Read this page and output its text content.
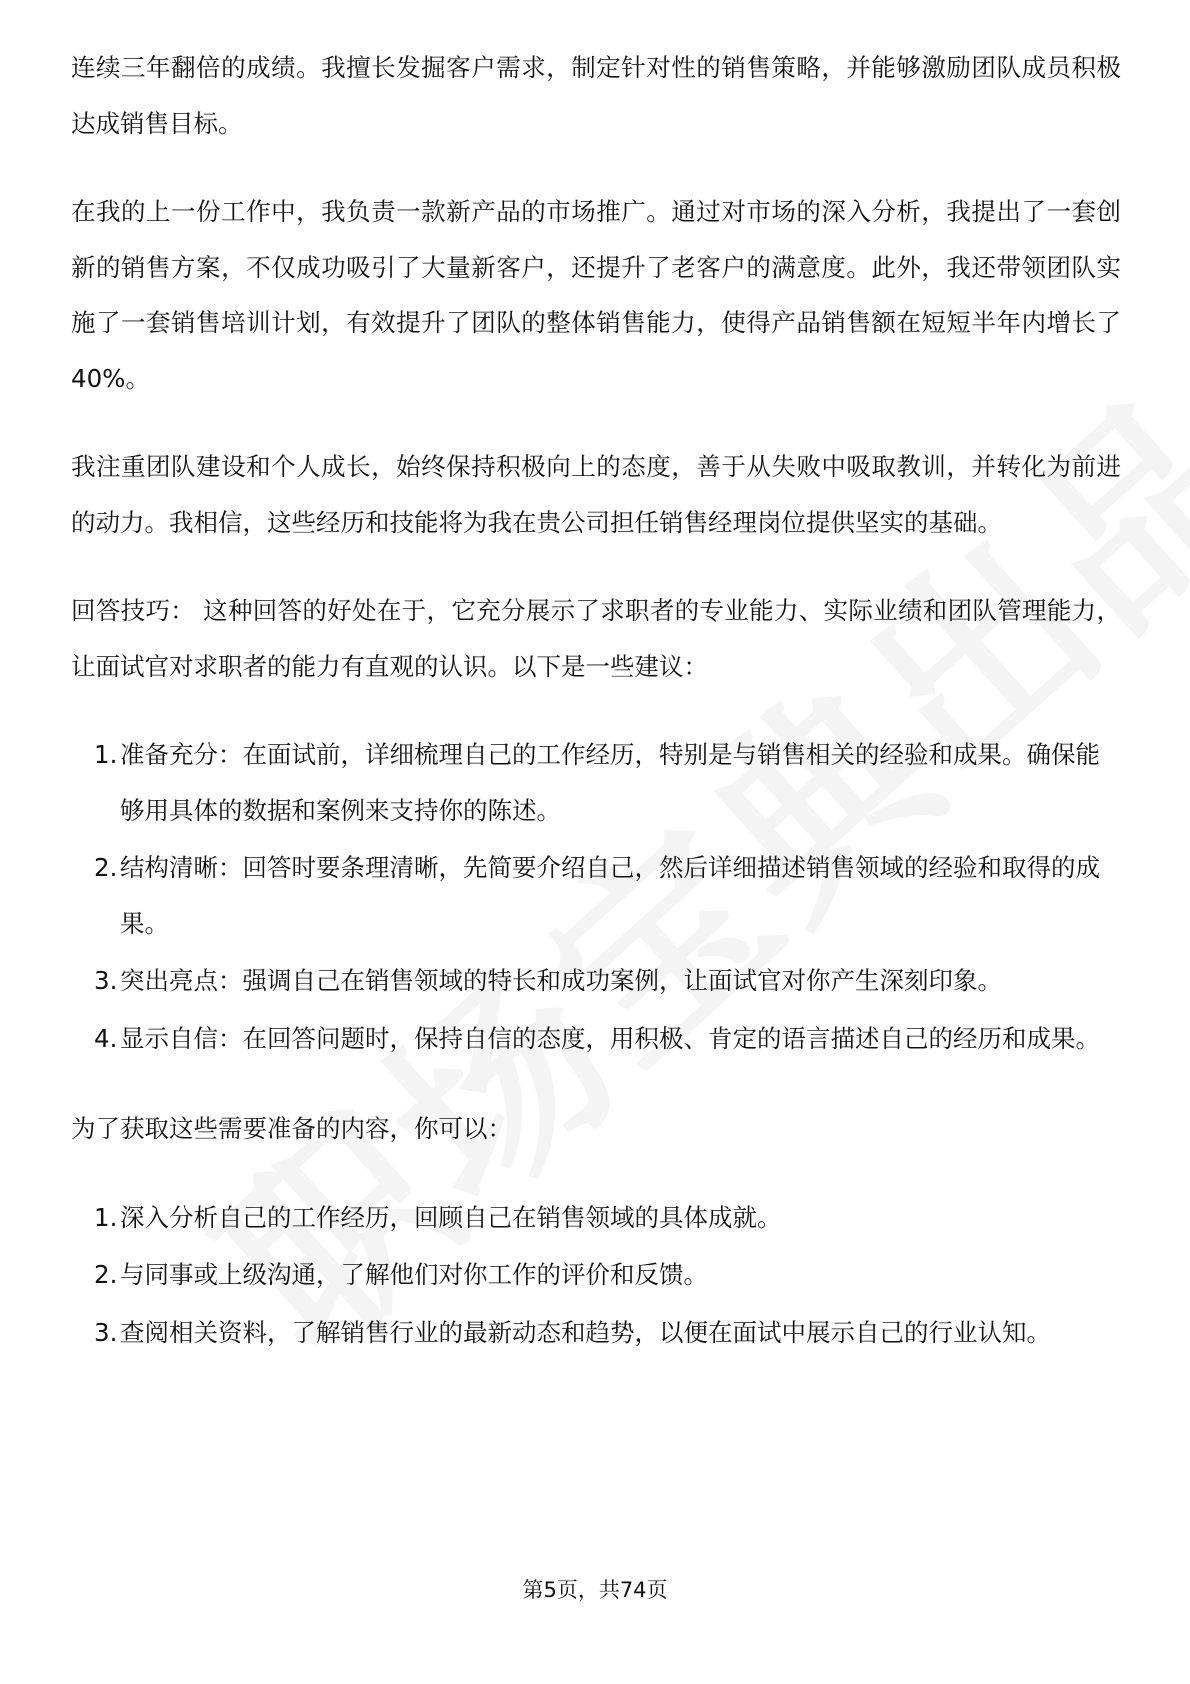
连续三年翻倍的成绩。我擅长发掘客户需求，制定针对性的销售策略，并能够激励团队成员积极达成销售目标。

在我的上一份工作中，我负责一款新产品的市场推广。通过对市场的深入分析，我提出了一套创新的销售方案，不仅成功吸引了大量新客户，还提升了老客户的满意度。此外，我还带领团队实施了一套销售培训计划，有效提升了团队的整体销售能力，使得产品销售额在短短半年内增长了40%。

我注重团队建设和个人成长，始终保持积极向上的态度，善于从失败中吸取教训，并转化为前进的动力。我相信，这些经历和技能将为我在贵公司担任销售经理岗位提供坚实的基础。

回答技巧： 这种回答的好处在于，它充分展示了求职者的专业能力、实际业绩和团队管理能力，让面试官对求职者的能力有直观的认识。以下是一些建议：

1. 准备充分：在面试前，详细梳理自己的工作经历，特别是与销售相关的经验和成果。确保能够用具体的数据和案例来支持你的陈述。
2. 结构清晰：回答时要条理清晰，先简要介绍自己，然后详细描述销售领域的经验和取得的成果。
3. 突出亮点：强调自己在销售领域的特长和成功案例，让面试官对你产生深刻印象。
4. 显示自信：在回答问题时，保持自信的态度，用积极、肯定的语言描述自己的经历和成果。

为了获取这些需要准备的内容，你可以：

1. 深入分析自己的工作经历，回顾自己在销售领域的具体成就。
2. 与同事或上级沟通，了解他们对你工作的评价和反馈。
3. 查阅相关资料，了解销售行业的最新动态和趋势，以便在面试中展示自己的行业认知。
第5页，共74页
